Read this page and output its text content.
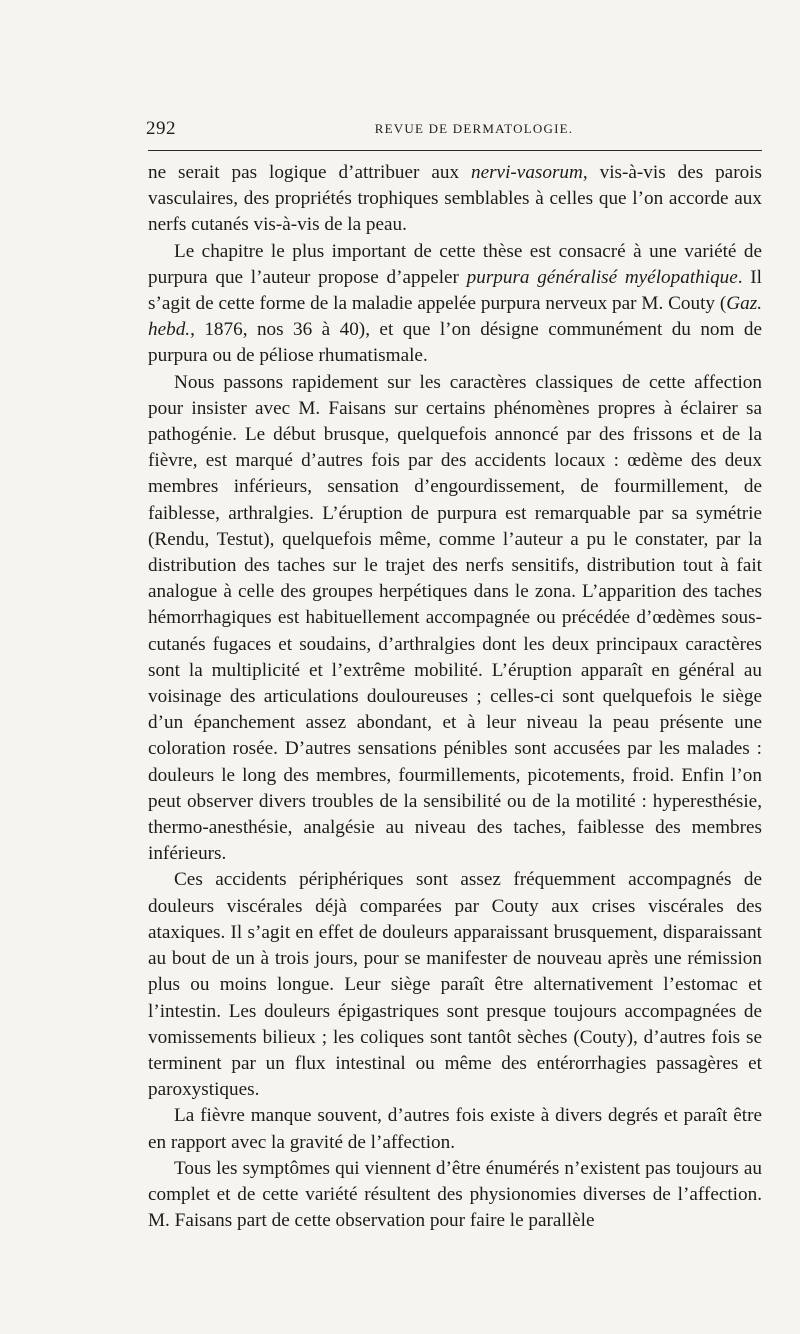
292	REVUE DE DERMATOLOGIE.

ne serait pas logique d’attribuer aux nervi-vasorum, vis-à-vis des parois vasculaires, des propriétés trophiques semblables à celles que l’on accorde aux nerfs cutanés vis-à-vis de la peau.

Le chapitre le plus important de cette thèse est consacré à une variété de purpura que l’auteur propose d’appeler purpura généralisé myélopathique. Il s’agit de cette forme de la maladie appelée purpura nerveux par M. Couty (Gaz. hebd., 1876, nos 36 à 40), et que l’on désigne communément du nom de purpura ou de péliose rhumatismale.

Nous passons rapidement sur les caractères classiques de cette affection pour insister avec M. Faisans sur certains phénomènes propres à éclairer sa pathogénie. Le début brusque, quelquefois annoncé par des frissons et de la fièvre, est marqué d’autres fois par des accidents locaux : œdème des deux membres inférieurs, sensation d’engourdissement, de fourmillement, de faiblesse, arthralgies. L’éruption de purpura est remarquable par sa symétrie (Rendu, Testut), quelquefois même, comme l’auteur a pu le constater, par la distribution des taches sur le trajet des nerfs sensitifs, distribution tout à fait analogue à celle des groupes herpétiques dans le zona. L’apparition des taches hémorrhagiques est habituellement accompagnée ou précédée d’œdèmes sous-cutanés fugaces et soudains, d’arthralgies dont les deux principaux caractères sont la multiplicité et l’extrême mobilité. L’éruption apparaît en général au voisinage des articulations douloureuses ; celles-ci sont quelquefois le siège d’un épanchement assez abondant, et à leur niveau la peau présente une coloration rosée. D’autres sensations pénibles sont accusées par les malades : douleurs le long des membres, fourmillements, picotements, froid. Enfin l’on peut observer divers troubles de la sensibilité ou de la motilité : hyperesthésie, thermo-anesthésie, analgésie au niveau des taches, faiblesse des membres inférieurs.

Ces accidents périphériques sont assez fréquemment accompagnés de douleurs viscérales déjà comparées par Couty aux crises viscérales des ataxiques. Il s’agit en effet de douleurs apparaissant brusquement, disparaissant au bout de un à trois jours, pour se manifester de nouveau après une rémission plus ou moins longue. Leur siège paraît être alternativement l’estomac et l’intestin. Les douleurs épigastriques sont presque toujours accompagnées de vomissements bilieux ; les coliques sont tantôt sèches (Couty), d’autres fois se terminent par un flux intestinal ou même des entérorrhagies passagères et paroxystiques.

La fièvre manque souvent, d’autres fois existe à divers degrés et paraît être en rapport avec la gravité de l’affection.

Tous les symptômes qui viennent d’être énumérés n’existent pas toujours au complet et de cette variété résultent des physionomies diverses de l’affection. M. Faisans part de cette observation pour faire le parallèle
